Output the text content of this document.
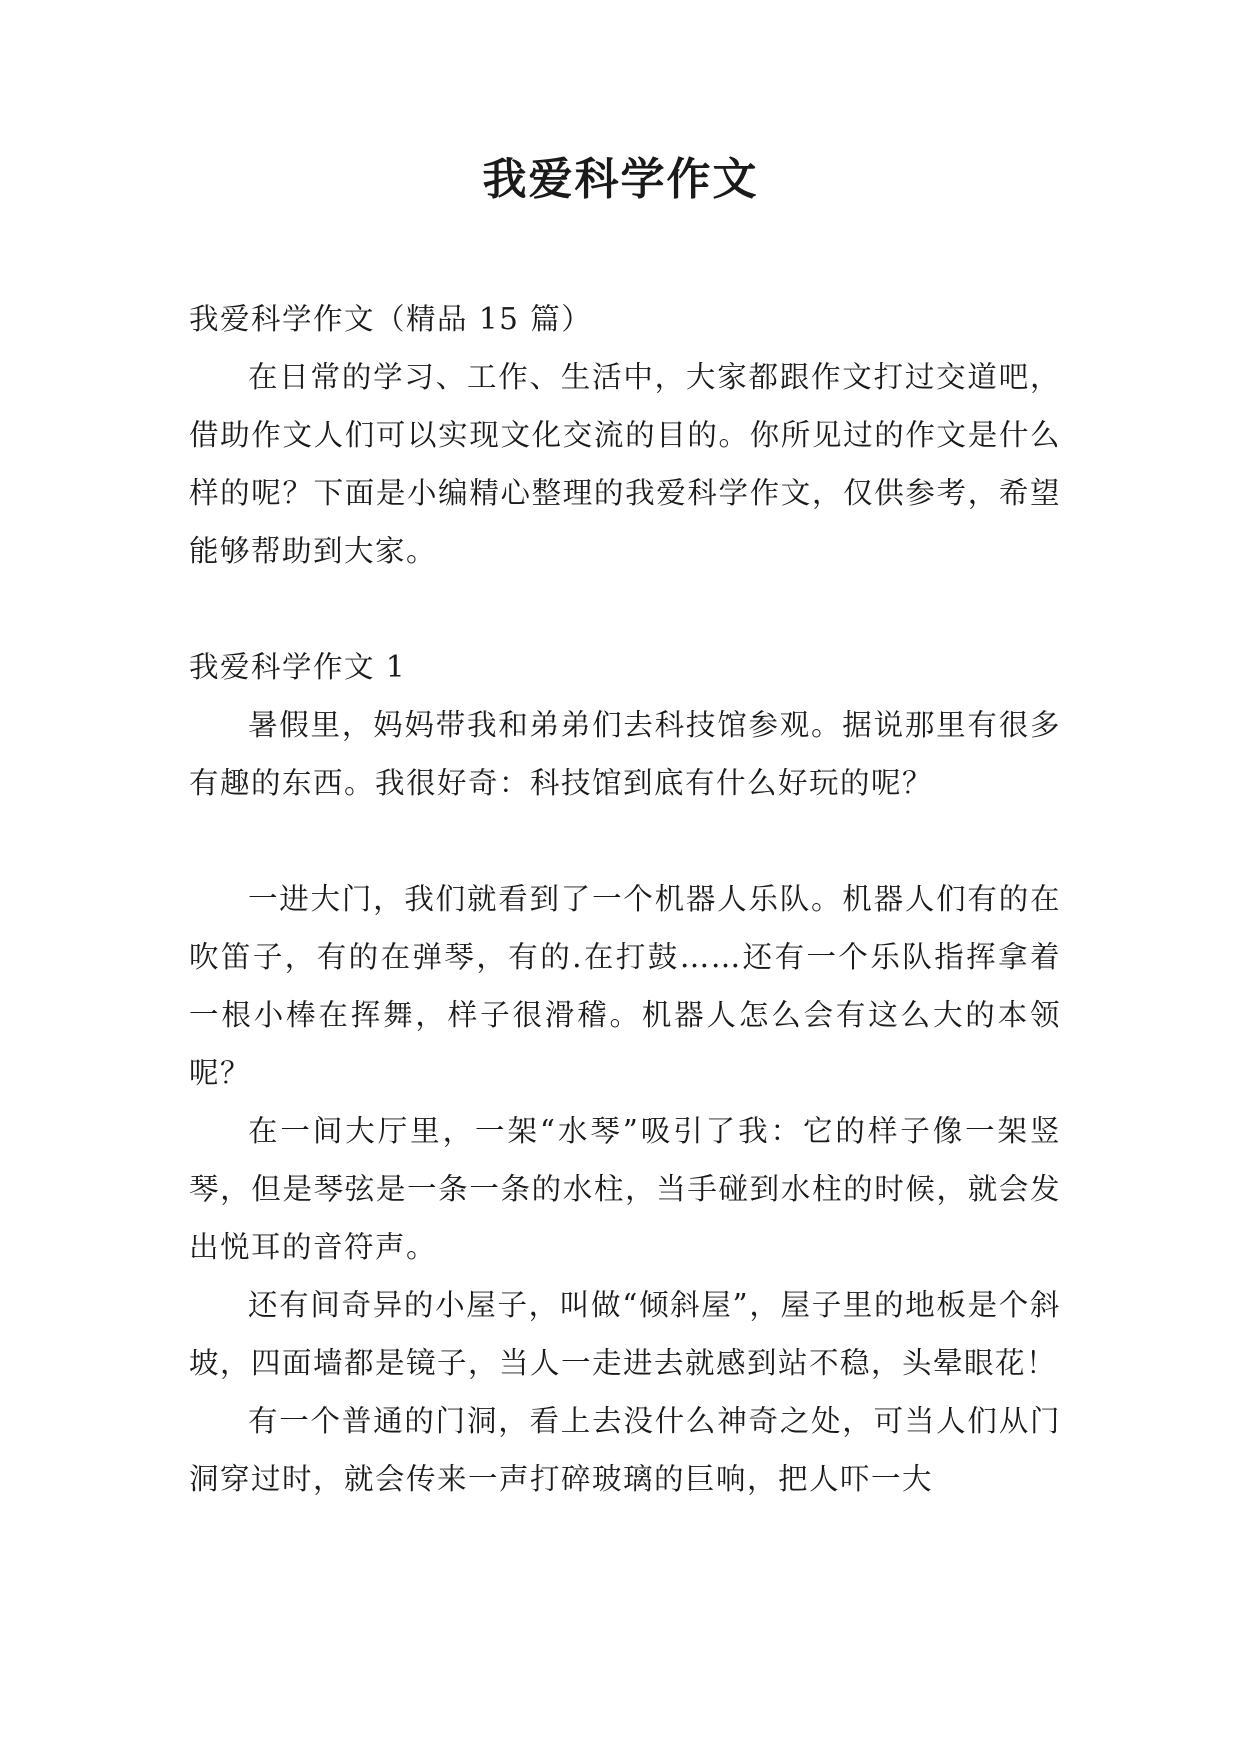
我爱科学作文

我爱科学作文（精品 15 篇）

在日常的学习、工作、生活中，大家都跟作文打过交道吧，借助作文人们可以实现文化交流的目的。你所见过的作文是什么样的呢？下面是小编精心整理的我爱科学作文，仅供参考，希望能够帮助到大家。

我爱科学作文 1

暑假里，妈妈带我和弟弟们去科技馆参观。据说那里有很多有趣的东西。我很好奇：科技馆到底有什么好玩的呢？

一进大门，我们就看到了一个机器人乐队。机器人们有的在吹笛子，有的在弹琴，有的.在打鼓……还有一个乐队指挥拿着一根小棒在挥舞，样子很滑稽。机器人怎么会有这么大的本领呢？

在一间大厅里，一架“水琴”吸引了我：它的样子像一架竖琴，但是琴弦是一条一条的水柱，当手碰到水柱的时候，就会发出悦耳的音符声。

还有间奇异的小屋子，叫做“倾斜屋”，屋子里的地板是个斜坡，四面墙都是镜子，当人一走进去就感到站不稳，头晕眼花！

有一个普通的门洞，看上去没什么神奇之处，可当人们从门洞穿过时，就会传来一声打碎玻璃的巨响，把人吓一大
